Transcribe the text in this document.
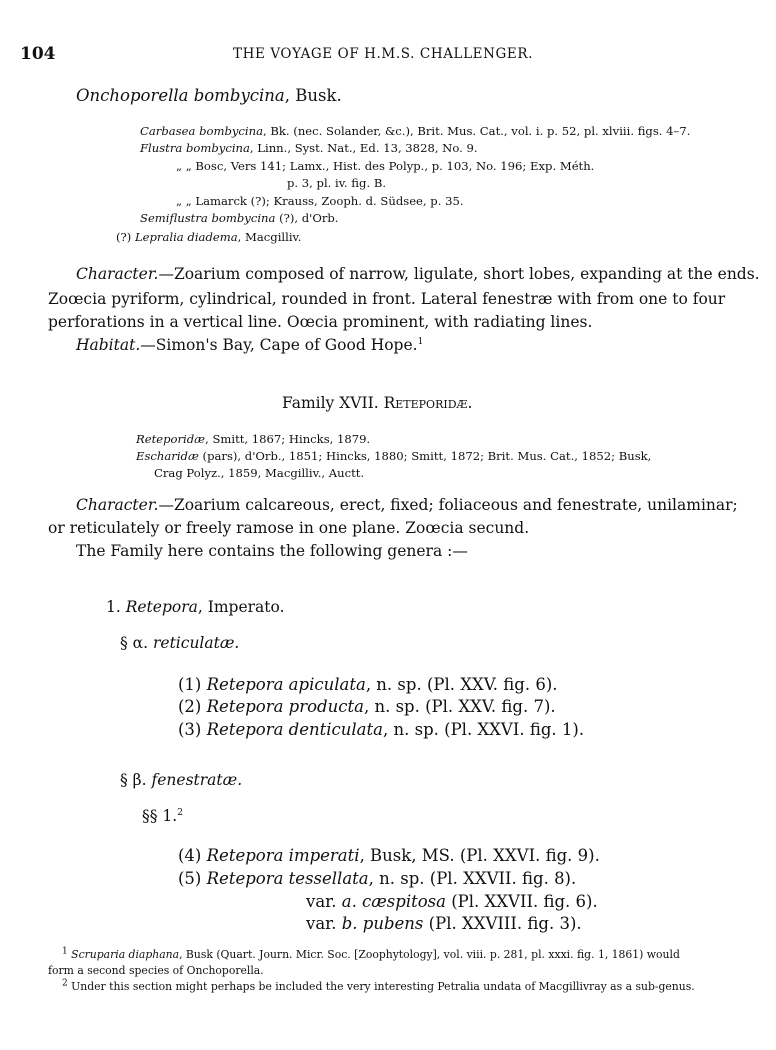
104	THE VOYAGE OF H.M.S. CHALLENGER.
Onchoporella bombycina, Busk.
Carbasea bombycina, Bk. (nec. Solander, &c.), Brit. Mus. Cat., vol. i. p. 52, pl. xlviii. figs. 4–7.
Flustra bombycina, Linn., Syst. Nat., Ed. 13, 3828, No. 9.
„ „ Bosc, Vers 141; Lamx., Hist. des Polyp., p. 103, No. 196; Exp. Méth.
p. 3, pl. iv. fig. B.
„ „ Lamarck (?); Krauss, Zooph. d. Südsee, p. 35.
Semiflustra bombycina (?), d'Orb.
(?) Lepralia diadema, Macgilliv.
Character.—Zoarium composed of narrow, ligulate, short lobes, expanding at the ends.
Zoœcia pyriform, cylindrical, rounded in front. Lateral fenestræ with from one to four
perforations in a vertical line. Oœcia prominent, with radiating lines.
Habitat.—Simon's Bay, Cape of Good Hope.$^1$
Family XVII. Reteporidæ.
Reteporidæ, Smitt, 1867; Hincks, 1879.
Escharidæ (pars), d'Orb., 1851; Hincks, 1880; Smitt, 1872; Brit. Mus. Cat., 1852; Busk,
Crag Polyz., 1859, Macgilliv., Auctt.
Character.—Zoarium calcareous, erect, fixed; foliaceous and fenestrate, unilaminar;
or reticulately or freely ramose in one plane. Zoœcia secund.
The Family here contains the following genera :—
1. Retepora, Imperato.
§ α. reticulatæ.
(1) Retepora apiculata, n. sp. (Pl. XXV. fig. 6).
(2) Retepora producta, n. sp. (Pl. XXV. fig. 7).
(3) Retepora denticulata, n. sp. (Pl. XXVI. fig. 1).
§ β. fenestratæ.
§§ 1.$^2$
(4) Retepora imperati, Busk, MS. (Pl. XXVI. fig. 9).
(5) Retepora tessellata, n. sp. (Pl. XXVII. fig. 8).
var. a. cæspitosa (Pl. XXVII. fig. 6).
var. b. pubens (Pl. XXVIII. fig. 3).
$^1$ Scruparia diaphana, Busk (Quart. Journ. Micr. Soc. [Zoophytology], vol. viii. p. 281, pl. xxxi. fig. 1, 1861) would
form a second species of Onchoporella.
$^2$ Under this section might perhaps be included the very interesting Petralia undata of Macgillivray as a sub-genus.
